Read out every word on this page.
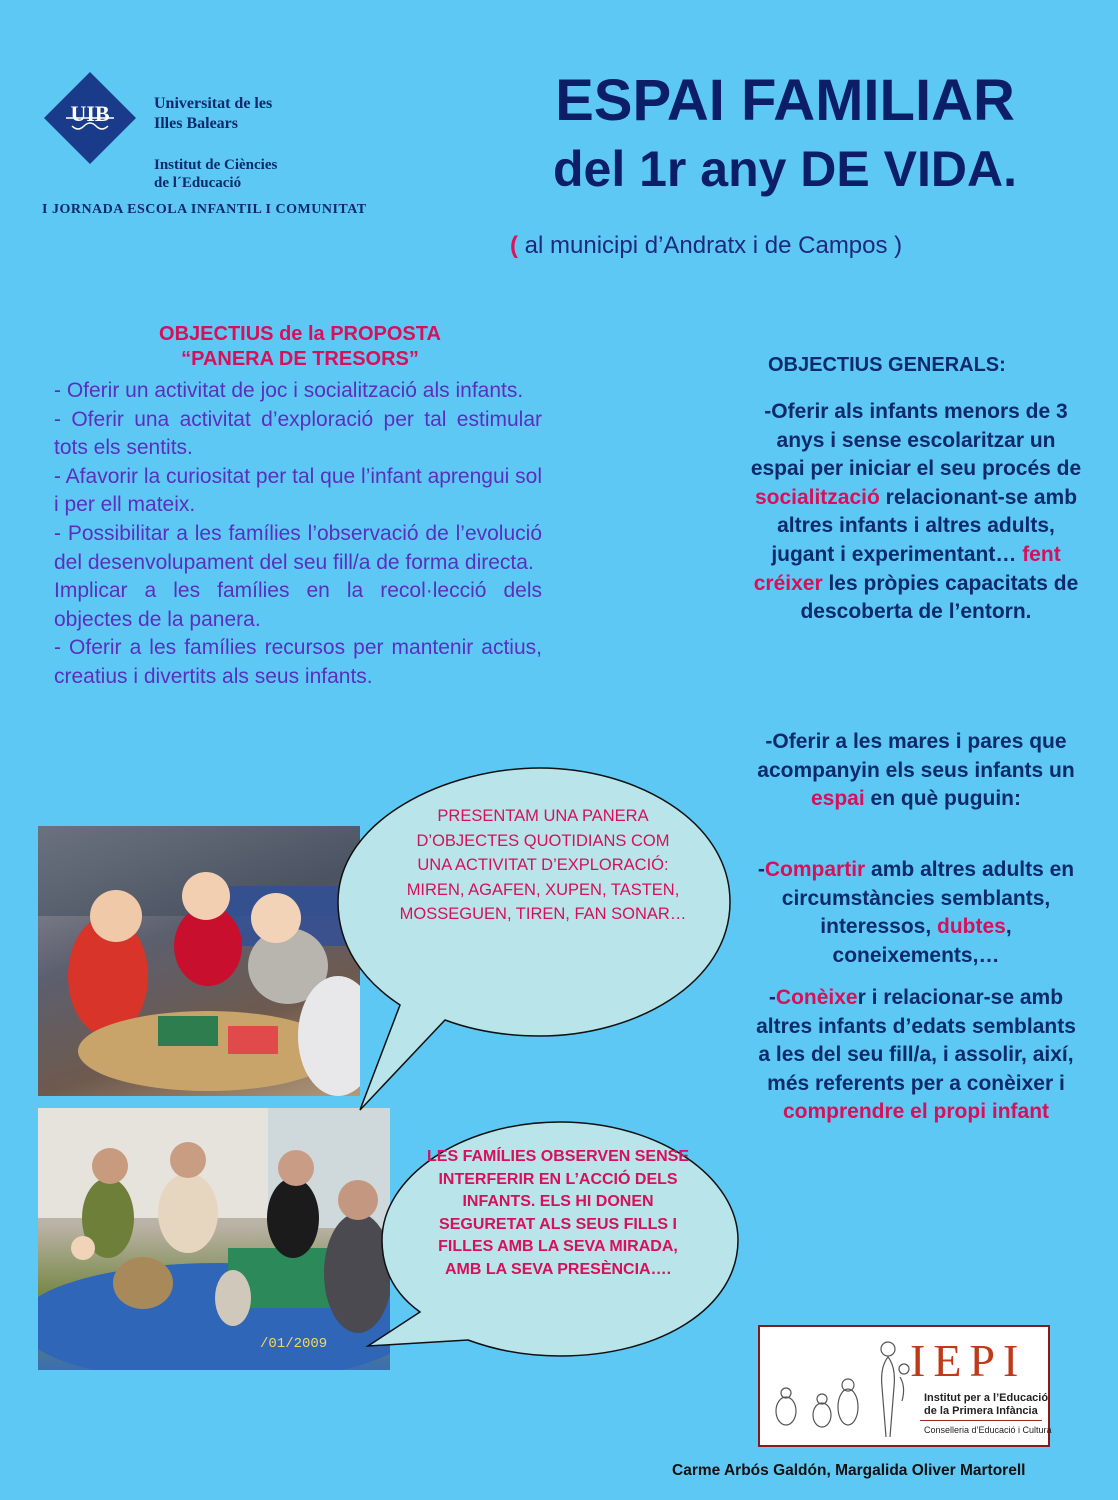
UIB	Universitat de les
Illes Balears
Institut de Ciències
de l´Educació
I JORNADA ESCOLA INFANTIL I COMUNITAT
ESPAI FAMILIAR
del 1r any DE VIDA.
( al municipi d’Andratx i de Campos )
OBJECTIUS de la PROPOSTA
“PANERA DE TRESORS”

- Oferir un activitat de joc i socialització als infants.

- Oferir una activitat d’exploració per tal estimular tots els sentits.

- Afavorir la curiositat per tal que l’infant aprengui sol i per ell mateix.

- Possibilitar a les famílies l’observació de l’evolució del desenvolupament del seu fill/a de forma directa.

Implicar a les famílies en la recol·lecció dels objectes de la panera.

- Oferir a les famílies recursos per mantenir actius, creatius i divertits als seus infants.

OBJECTIUS GENERALS:
-Oferir als infants menors de 3 anys i sense escolaritzar un espai per iniciar el seu procés de socialització relacionant-se amb altres infants i altres adults, jugant i experimentant… fent créixer les pròpies capacitats de descoberta de l’entorn.
-Oferir a les mares i pares que acompanyin els seus infants un espai en què puguin:
-Compartir amb altres adults en circumstàncies semblants, interessos, dubtes, coneixements,…
-Conèixer i relacionar-se amb altres infants d’edats semblants a les del seu fill/a, i assolir, així, més referents per a conèixer i comprendre el propi infant
/01/2009
PRESENTAM UNA PANERA D’OBJECTES QUOTIDIANS COM UNA ACTIVITAT D’EXPLORACIÓ: MIREN, AGAFEN, XUPEN, TASTEN, MOSSEGUEN, TIREN, FAN SONAR…
LES FAMÍLIES OBSERVEN SENSE INTERFERIR EN L’ACCIÓ DELS INFANTS. ELS HI DONEN SEGURETAT ALS SEUS FILLS I FILLES AMB LA SEVA MIRADA, AMB LA SEVA PRESÈNCIA….
IEPI
Institut per a l’Educació
de la Primera Infància
Conselleria d’Educació i Cultura
Carme Arbós Galdón, Margalida Oliver Martorell
